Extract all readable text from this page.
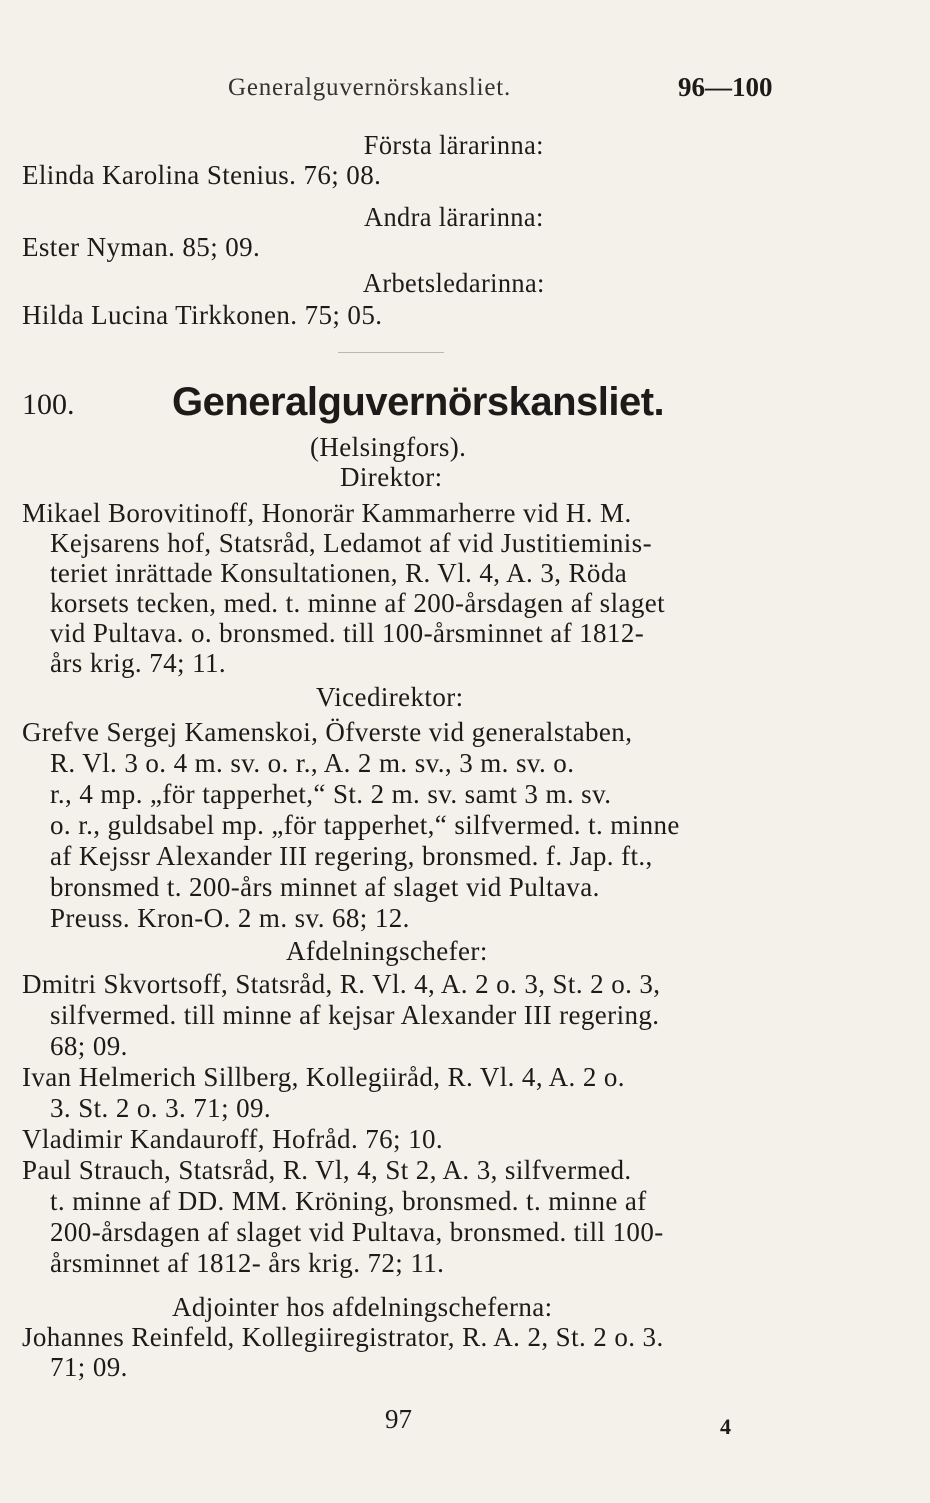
Generalguvernörskansliet.	96—100
Första lärarinna:
Elinda Karolina Stenius. 76; 08.
Andra lärarinna:
Ester Nyman. 85; 09.
Arbetsledarinna:
Hilda Lucina Tirkkonen. 75; 05.
100. Generalguvernörskansliet.
(Helsingfors).
Direktor:
Mikael Borovitinoff, Honorär Kammarherre vid H. M.
Kejsarens hof, Statsråd, Ledamot af vid Justitieminis-
teriet inrättade Konsultationen, R. Vl. 4, A. 3, Röda
korsets tecken, med. t. minne af 200-årsdagen af slaget
vid Pultava. o. bronsmed. till 100-årsminnet af 1812-
års krig. 74; 11.
Vicedirektor:
Grefve Sergej Kamenskoi, Öfverste vid generalstaben,
R. Vl. 3 o. 4 m. sv. o. r., A. 2 m. sv., 3 m. sv. o.
r., 4 mp. „för tapperhet,“ St. 2 m. sv. samt 3 m. sv.
o. r., guldsabel mp. „för tapperhet,“ silfvermed. t. minne
af Kejssr Alexander III regering, bronsmed. f. Jap. ft.,
bronsmed t. 200-års minnet af slaget vid Pultava.
Preuss. Kron-O. 2 m. sv. 68; 12.
Afdelningschefer:
Dmitri Skvortsoff, Statsråd, R. Vl. 4, A. 2 o. 3, St. 2 o. 3,
silfvermed. till minne af kejsar Alexander III regering.
68; 09.
Ivan Helmerich Sillberg, Kollegiiråd, R. Vl. 4, A. 2 o.
3. St. 2 o. 3. 71; 09.
Vladimir Kandauroff, Hofråd. 76; 10.
Paul Strauch, Statsråd, R. Vl, 4, St 2, A. 3, silfvermed.
t. minne af DD. MM. Kröning, bronsmed. t. minne af
200-årsdagen af slaget vid Pultava, bronsmed. till 100-
årsminnet af 1812- års krig. 72; 11.
Adjointer hos afdelningscheferna:
Johannes Reinfeld, Kollegiiregistrator, R. A. 2, St. 2 o. 3.
71; 09.
97	4
